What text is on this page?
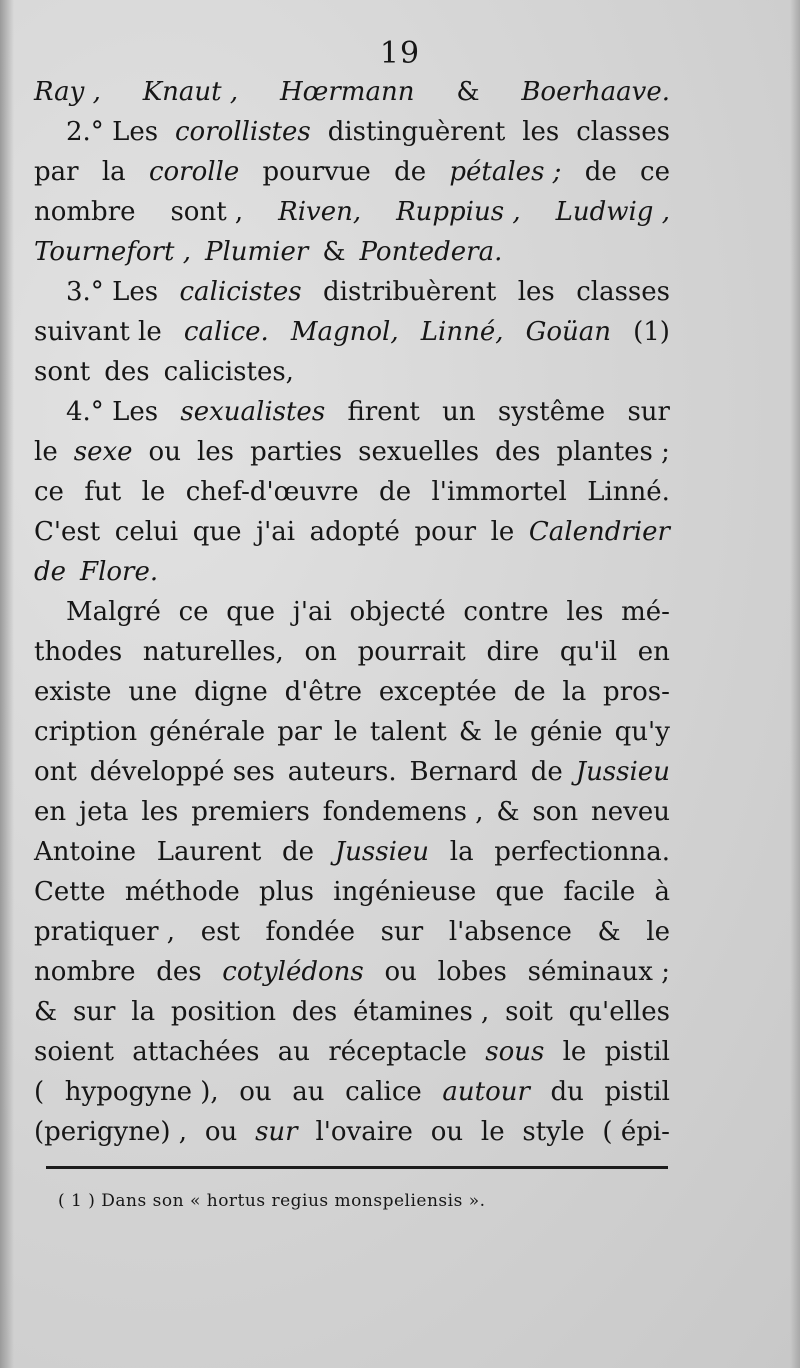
19
Ray , Knaut , Hœrmann & Boerhaave.
2.° Les corollistes distinguèrent les classes
par la corolle pourvue de pétales ; de ce
nombre sont , Riven, Ruppius , Ludwig ,
Tournefort , Plumier & Pontedera.
3.° Les calicistes distribuèrent les classes
suivant le calice. Magnol, Linné, Goüan (1)
sont des calicistes,
4.° Les sexualistes firent un systême sur
le sexe ou les parties sexuelles des plantes ;
ce fut le chef-d'œuvre de l'immortel Linné.
C'est celui que j'ai adopté pour le Calendrier
de Flore.
Malgré ce que j'ai objecté contre les mé-
thodes naturelles, on pourrait dire qu'il en
existe une digne d'être exceptée de la pros-
cription générale par le talent & le génie qu'y
ont développé ses auteurs. Bernard de Jussieu
en jeta les premiers fondemens , & son neveu
Antoine Laurent de Jussieu la perfectionna.
Cette méthode plus ingénieuse que facile à
pratiquer , est fondée sur l'absence & le
nombre des cotylédons ou lobes séminaux ;
& sur la position des étamines , soit qu'elles
soient attachées au réceptacle sous le pistil
( hypogyne ), ou au calice autour du pistil
(perigyne) , ou sur l'ovaire ou le style ( épi-
( 1 ) Dans son « hortus regius monspeliensis ».
